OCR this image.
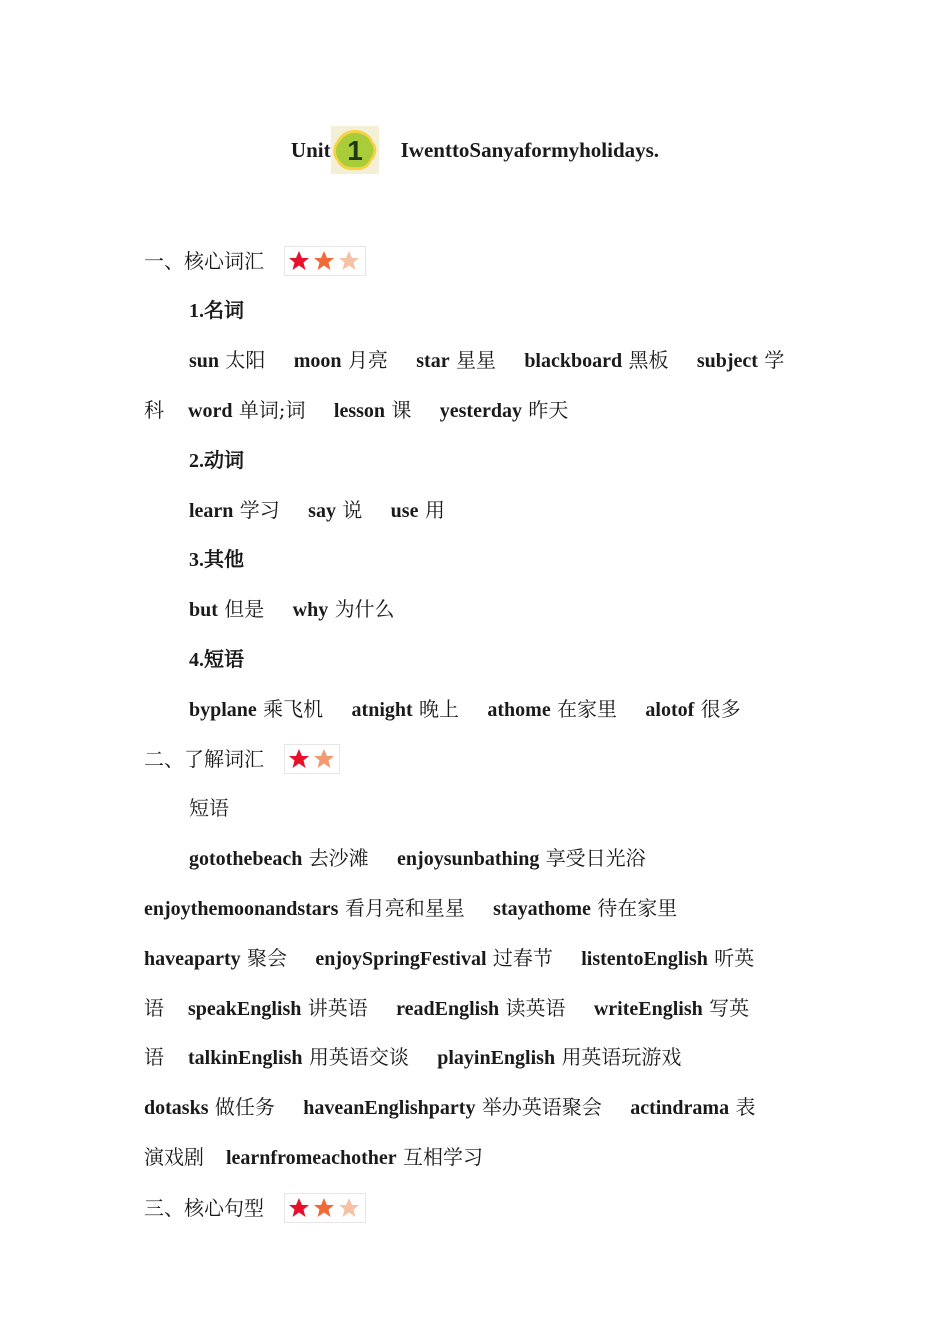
Unit 1 IwenttoSanyaformyholidays.
一、核心词汇
1.名词
sun 太阳 moon 月亮 star 星星 blackboard 黑板 subject 学
科 word 单词;词 lesson 课 yesterday 昨天
2.动词
learn 学习 say 说 use 用
3.其他
but 但是 why 为什么
4.短语
byplane 乘飞机 atnight 晚上 athome 在家里 alotof 很多
二、了解词汇
短语
gotothebeach 去沙滩 enjoysunbathing 享受日光浴
enjoythemoonandstars 看月亮和星星 stayathome 待在家里
haveaparty 聚会 enjoySpringFestival 过春节 listentoEnglish 听英
语 speakEnglish 讲英语 readEnglish 读英语 writeEnglish 写英
语 talkinEnglish 用英语交谈 playinEnglish 用英语玩游戏
dotasks 做任务 haveanEnglishparty 举办英语聚会 actindrama 表
演戏剧 learnfromeachother 互相学习
三、核心句型
